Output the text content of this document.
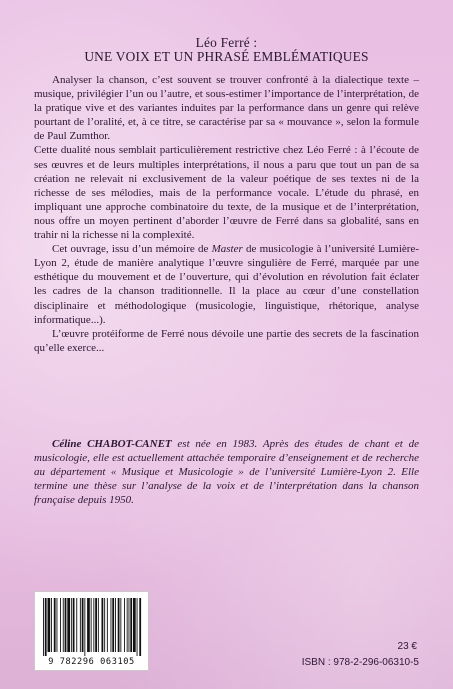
Léo Ferré :
UNE VOIX ET UN PHRASÉ EMBLÉMATIQUES

Analyser la chanson, c’est souvent se trouver confronté à la dialectique texte – musique, privilégier l’un ou l’autre, et sous-estimer l’importance de l’interprétation, de la pratique vive et des variantes induites par la performance dans un genre qui relève pourtant de l’oralité, et, à ce titre, se caractérise par sa « mouvance », selon la formule de Paul Zumthor.

Cette dualité nous semblait particulièrement restrictive chez Léo Ferré : à l’écoute de ses œuvres et de leurs multiples interprétations, il nous a paru que tout un pan de sa création ne relevait ni exclusivement de la valeur poétique de ses textes ni de la richesse de ses mélodies, mais de la performance vocale. L’étude du phrasé, en impliquant une approche combinatoire du texte, de la musique et de l’interprétation, nous offre un moyen pertinent d’aborder l’œuvre de Ferré dans sa globalité, sans en trahir ni la richesse ni la complexité.

Cet ouvrage, issu d’un mémoire de Master de musicologie à l’université Lumière-Lyon 2, étude de manière analytique l’œuvre singulière de Ferré, marquée par une esthétique du mouvement et de l’ouverture, qui d’évolution en révolution fait éclater les cadres de la chanson traditionnelle. Il la place au cœur d’une constellation disciplinaire et méthodologique (musicologie, linguistique, rhétorique, analyse informatique...).

L’œuvre protéiforme de Ferré nous dévoile une partie des secrets de la fascination qu’elle exerce...

Céline CHABOT-CANET est née en 1983. Après des études de chant et de musicologie, elle est actuellement attachée temporaire d’enseignement et de recherche au département « Musique et Musicologie » de l’université Lumière-Lyon 2. Elle termine une thèse sur l’analyse de la voix et de l’interprétation dans la chanson française depuis 1950.
9 782296 063105
23 €
ISBN : 978-2-296-06310-5
